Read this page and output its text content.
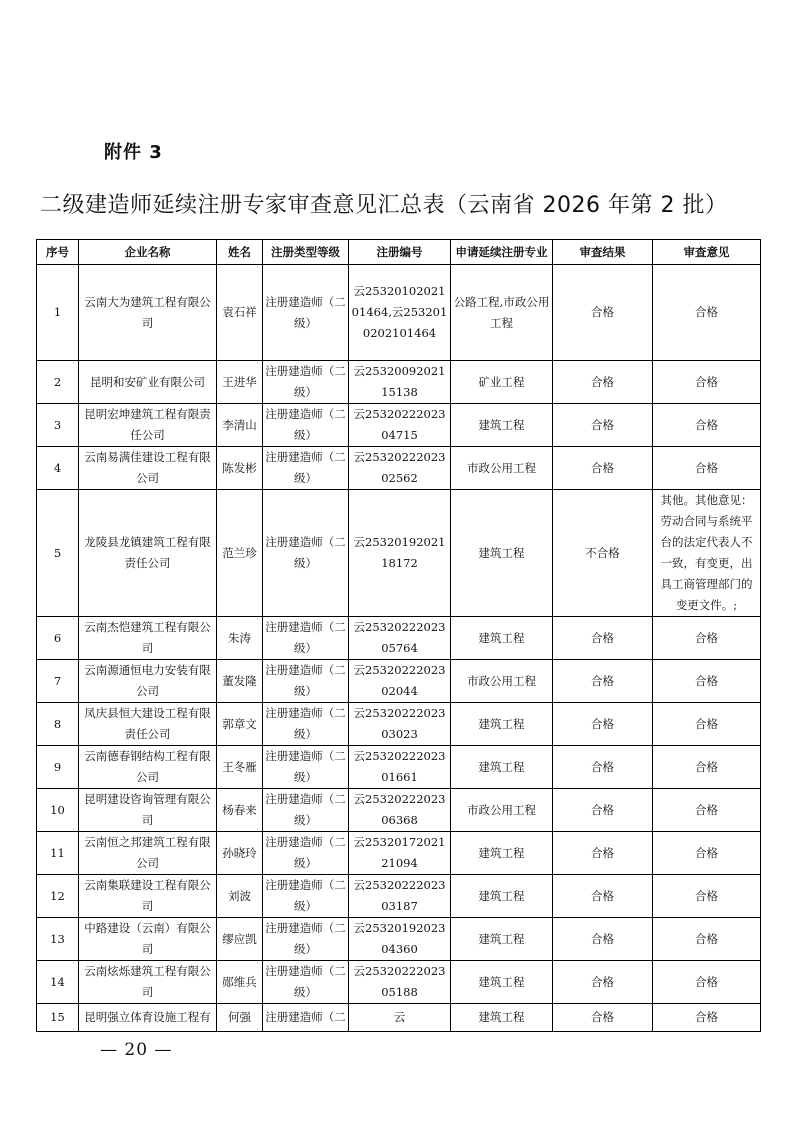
附件 3
二级建造师延续注册专家审查意见汇总表（云南省 2026 年第 2 批）
序号	企业名称	姓名	注册类型等级	注册编号	申请延续注册专业	审查结果	审查意见
1	云南大为建筑工程有限公司	袁石祥	注册建造师（二级）	云2532010202101464,云2532010202101464	公路工程,市政公用工程	合格	合格
2	昆明和安矿业有限公司	王进华	注册建造师（二级）	云2532009202115138	矿业工程	合格	合格
3	昆明宏坤建筑工程有限责任公司	李清山	注册建造师（二级）	云2532022202304715	建筑工程	合格	合格
4	云南易满佳建设工程有限公司	陈发彬	注册建造师（二级）	云2532022202302562	市政公用工程	合格	合格
5	龙陵县龙镇建筑工程有限责任公司	范兰珍	注册建造师（二级）	云2532019202118172	建筑工程	不合格	其他。其他意见：劳动合同与系统平台的法定代表人不一致，有变更，出具工商管理部门的变更文件。;
6	云南杰恺建筑工程有限公司	朱涛	注册建造师（二级）	云2532022202305764	建筑工程	合格	合格
7	云南源通恒电力安装有限公司	董发隆	注册建造师（二级）	云2532022202302044	市政公用工程	合格	合格
8	凤庆县恒大建设工程有限责任公司	郭章文	注册建造师（二级）	云2532022202303023	建筑工程	合格	合格
9	云南德春钢结构工程有限公司	王冬雁	注册建造师（二级）	云2532022202301661	建筑工程	合格	合格
10	昆明建设咨询管理有限公司	杨春来	注册建造师（二级）	云2532022202306368	市政公用工程	合格	合格
11	云南恒之邦建筑工程有限公司	孙晓玲	注册建造师（二级）	云2532017202121094	建筑工程	合格	合格
12	云南集联建设工程有限公司	刘波	注册建造师（二级）	云2532022202303187	建筑工程	合格	合格
13	中路建设（云南）有限公司	缪应凯	注册建造师（二级）	云2532019202304360	建筑工程	合格	合格
14	云南炫烁建筑工程有限公司	郧维兵	注册建造师（二级）	云2532022202305188	建筑工程	合格	合格
15	昆明强立体育设施工程有	何强	注册建造师（二	云	建筑工程	合格	合格
— 20 —
